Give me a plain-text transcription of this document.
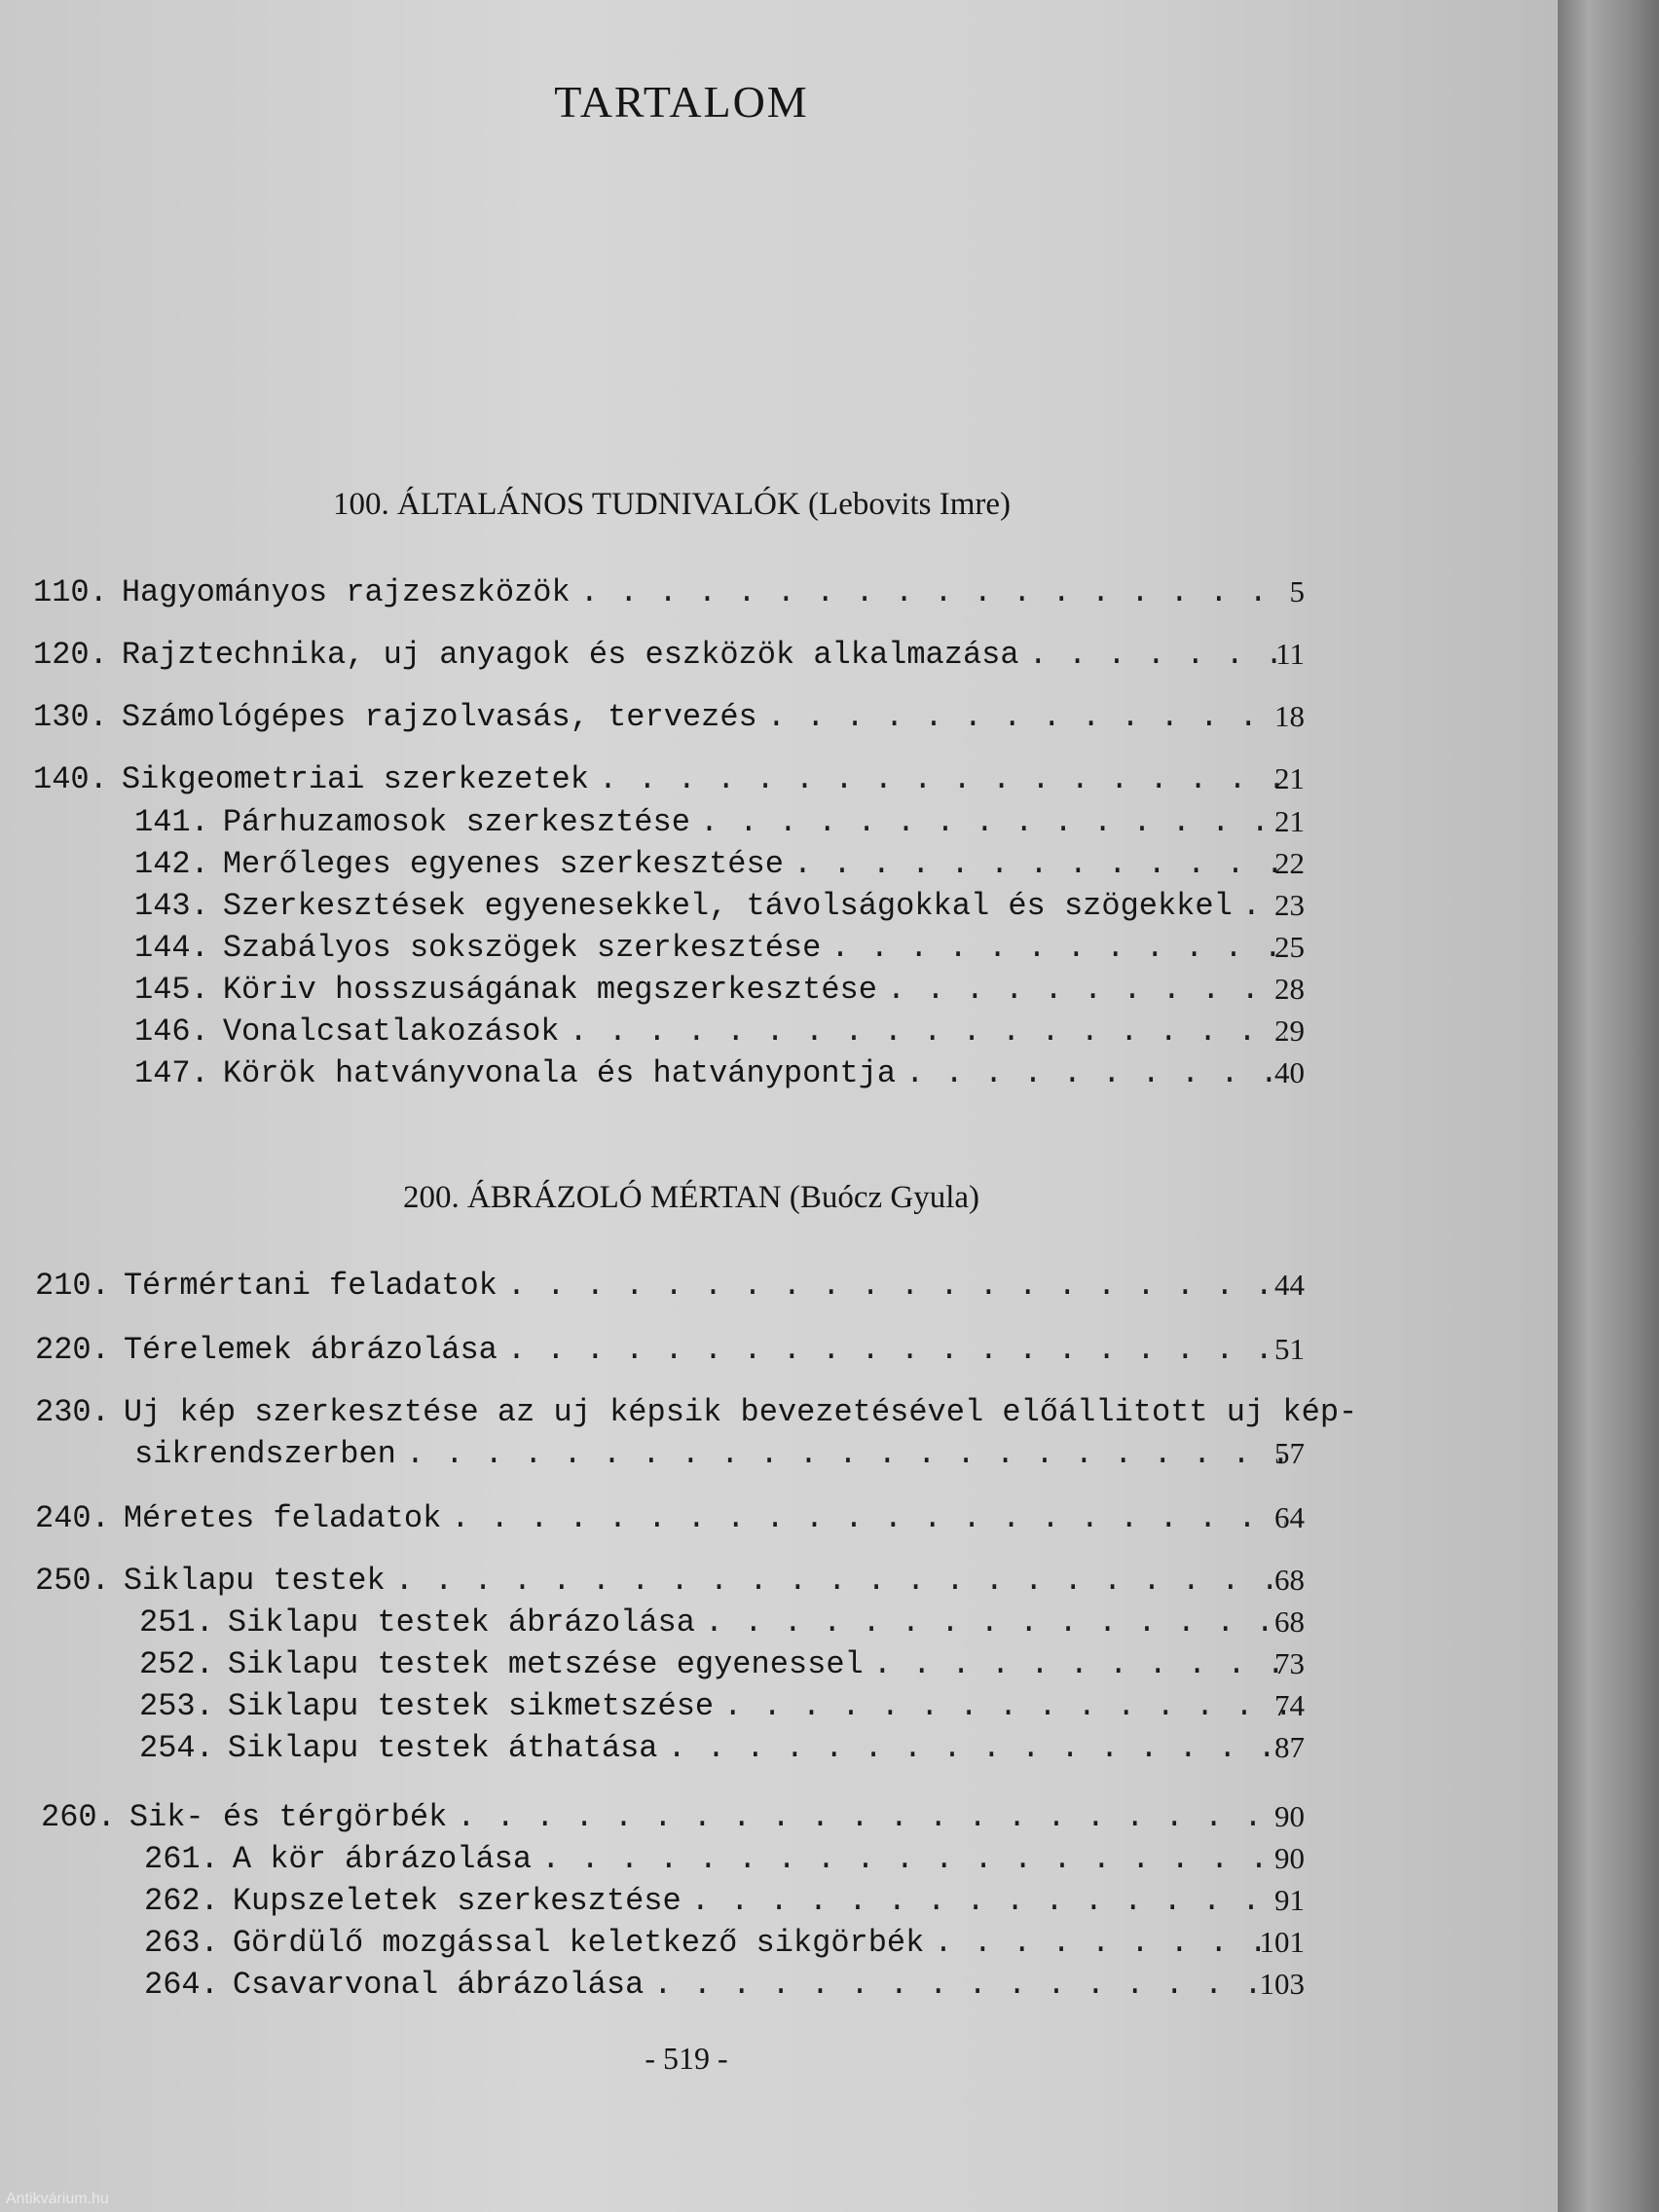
TARTALOM
100. ÁLTALÁNOS TUDNIVALÓK (Lebovits Imre)
110. Hagyományos rajzeszközök . . .	5
120. Rajztechnika, uj anyagok és eszközök alkalmazása . . .	11
130. Számológépes rajzolvasás, tervezés . . .	18
140. Sikgeometriai szerkezetek . . .	21
141. Párhuzamosok szerkesztése . . .	21
142. Merőleges egyenes szerkesztése . . .	22
143. Szerkesztések egyenesekkel, távolságokkal és szögekkel . . .	23
144. Szabályos sokszögek szerkesztése . . .	25
145. Köriv hosszuságának megszerkesztése . . .	28
146. Vonalcsatlakozások . . .	29
147. Körök hatványvonala és hatványpontja . . .	40
200. ÁBRÁZOLÓ MÉRTAN (Buócz Gyula)
210. Térmértani feladatok . . .	44
220. Térelemek ábrázolása . . .	51
230. Uj kép szerkesztése az uj képsik bevezetésével előállitott uj kép-
sikrendszerben . . .	57
240. Méretes feladatok . . .	64
250. Siklapu testek . . .	68
251. Siklapu testek ábrázolása . . .	68
252. Siklapu testek metszése egyenessel . . .	73
253. Siklapu testek sikmetszése . . .	74
254. Siklapu testek áthatása . . .	87
260. Sik- és térgörbék . . .	90
261. A kör ábrázolása . . .	90
262. Kupszeletek szerkesztése . . .	91
263. Gördülő mozgással keletkező sikgörbék . . .	101
264. Csavarvonal ábrázolása . . .	103
- 519 -
Antikvárium.hu
